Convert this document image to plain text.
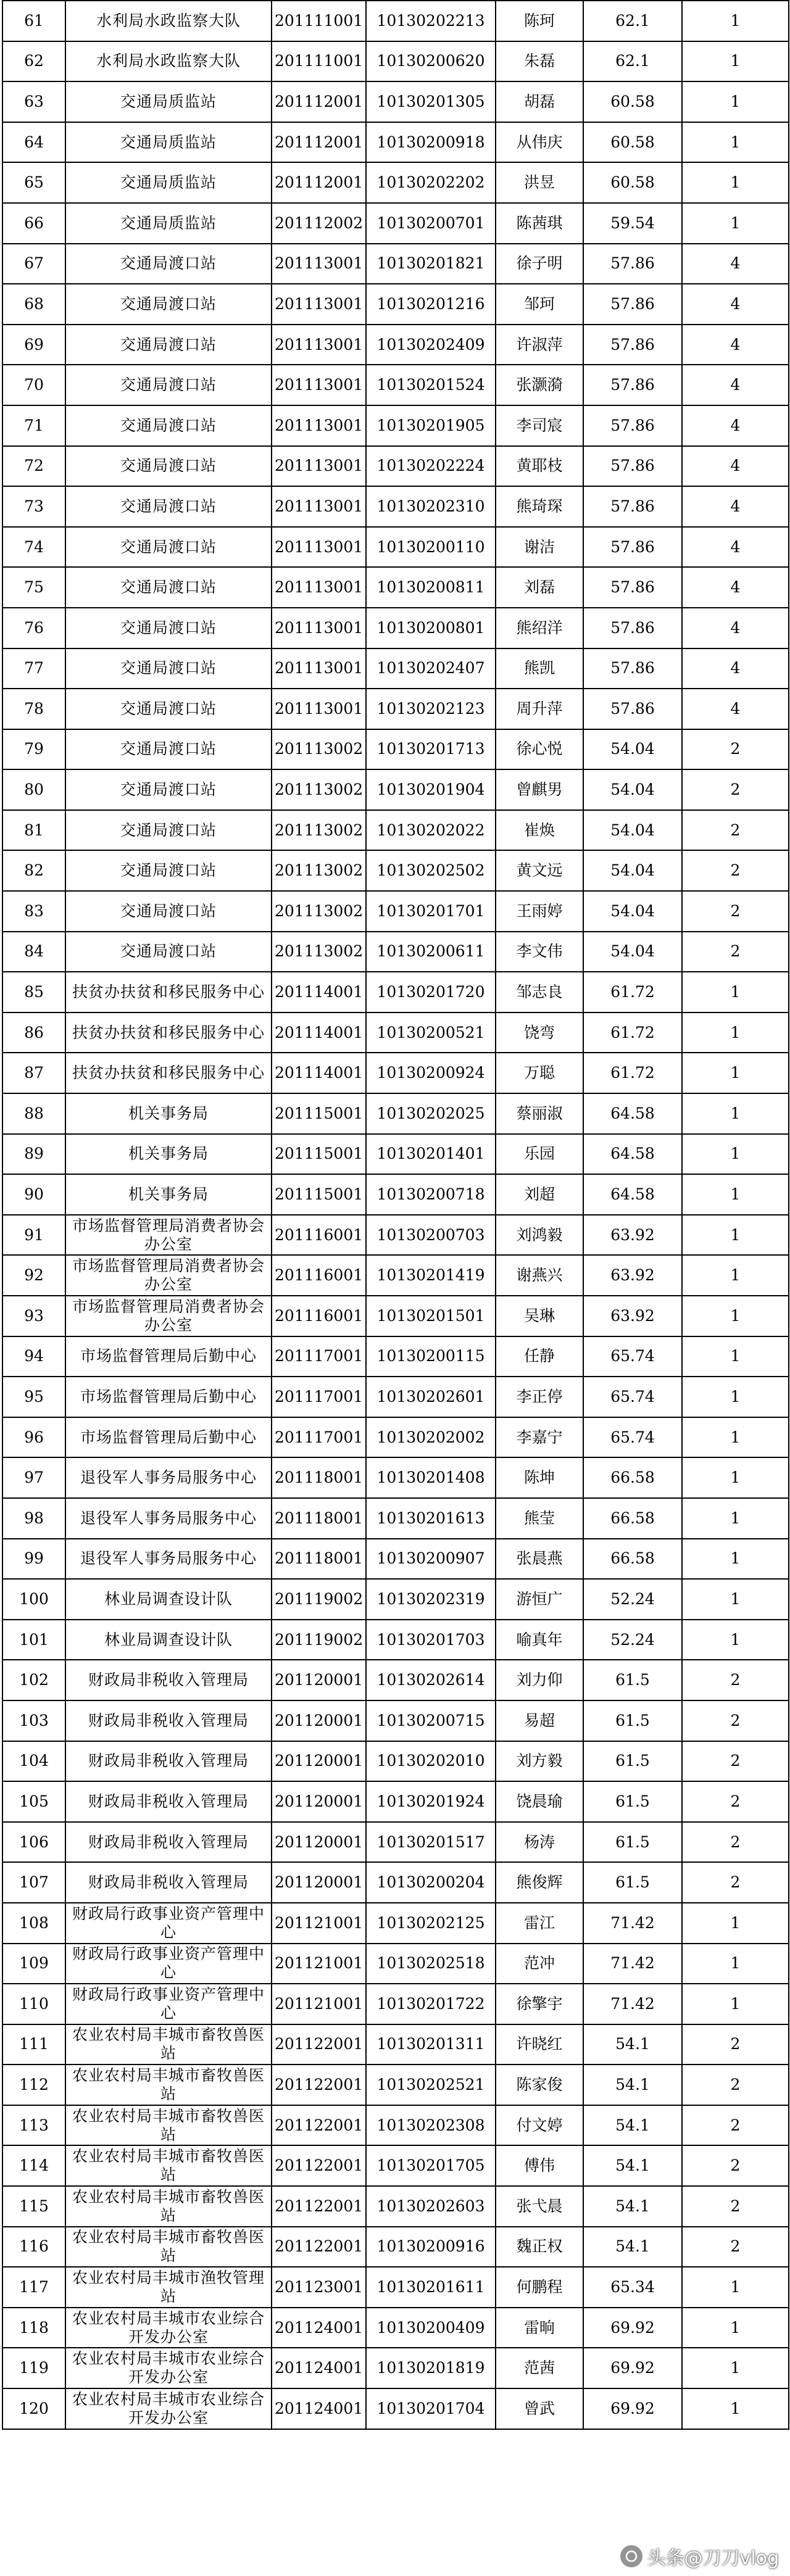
61	水利局水政监察大队	201111001	10130202213	陈珂	62.1	1
62	水利局水政监察大队	201111001	10130200620	朱磊	62.1	1
63	交通局质监站	201112001	10130201305	胡磊	60.58	1
64	交通局质监站	201112001	10130200918	从伟庆	60.58	1
65	交通局质监站	201112001	10130202202	洪昱	60.58	1
66	交通局质监站	201112002	10130200701	陈茜琪	59.54	1
67	交通局渡口站	201113001	10130201821	徐子明	57.86	4
68	交通局渡口站	201113001	10130201216	邹珂	57.86	4
69	交通局渡口站	201113001	10130202409	许淑萍	57.86	4
70	交通局渡口站	201113001	10130201524	张灏漪	57.86	4
71	交通局渡口站	201113001	10130201905	李司宸	57.86	4
72	交通局渡口站	201113001	10130202224	黄耶枝	57.86	4
73	交通局渡口站	201113001	10130202310	熊琦琛	57.86	4
74	交通局渡口站	201113001	10130200110	谢洁	57.86	4
75	交通局渡口站	201113001	10130200811	刘磊	57.86	4
76	交通局渡口站	201113001	10130200801	熊绍洋	57.86	4
77	交通局渡口站	201113001	10130202407	熊凯	57.86	4
78	交通局渡口站	201113001	10130202123	周升萍	57.86	4
79	交通局渡口站	201113002	10130201713	徐心悦	54.04	2
80	交通局渡口站	201113002	10130201904	曾麒男	54.04	2
81	交通局渡口站	201113002	10130202022	崔焕	54.04	2
82	交通局渡口站	201113002	10130202502	黄文远	54.04	2
83	交通局渡口站	201113002	10130201701	王雨婷	54.04	2
84	交通局渡口站	201113002	10130200611	李文伟	54.04	2
85	扶贫办扶贫和移民服务中心	201114001	10130201720	邹志良	61.72	1
86	扶贫办扶贫和移民服务中心	201114001	10130200521	饶弯	61.72	1
87	扶贫办扶贫和移民服务中心	201114001	10130200924	万聪	61.72	1
88	机关事务局	201115001	10130202025	蔡丽淑	64.58	1
89	机关事务局	201115001	10130201401	乐园	64.58	1
90	机关事务局	201115001	10130200718	刘超	64.58	1
91	市场监督管理局消费者协会办公室	201116001	10130200703	刘鸿毅	63.92	1
92	市场监督管理局消费者协会办公室	201116001	10130201419	谢燕兴	63.92	1
93	市场监督管理局消费者协会办公室	201116001	10130201501	吴琳	63.92	1
94	市场监督管理局后勤中心	201117001	10130200115	任静	65.74	1
95	市场监督管理局后勤中心	201117001	10130202601	李正停	65.74	1
96	市场监督管理局后勤中心	201117001	10130202002	李嘉宁	65.74	1
97	退役军人事务局服务中心	201118001	10130201408	陈坤	66.58	1
98	退役军人事务局服务中心	201118001	10130201613	熊莹	66.58	1
99	退役军人事务局服务中心	201118001	10130200907	张晨燕	66.58	1
100	林业局调查设计队	201119002	10130202319	游恒广	52.24	1
101	林业局调查设计队	201119002	10130201703	喻真年	52.24	1
102	财政局非税收入管理局	201120001	10130202614	刘力仰	61.5	2
103	财政局非税收入管理局	201120001	10130200715	易超	61.5	2
104	财政局非税收入管理局	201120001	10130202010	刘方毅	61.5	2
105	财政局非税收入管理局	201120001	10130201924	饶晨瑜	61.5	2
106	财政局非税收入管理局	201120001	10130201517	杨涛	61.5	2
107	财政局非税收入管理局	201120001	10130200204	熊俊辉	61.5	2
108	财政局行政事业资产管理中心	201121001	10130202125	雷江	71.42	1
109	财政局行政事业资产管理中心	201121001	10130202518	范冲	71.42	1
110	财政局行政事业资产管理中心	201121001	10130201722	徐擎宇	71.42	1
111	农业农村局丰城市畜牧兽医站	201122001	10130201311	许晓红	54.1	2
112	农业农村局丰城市畜牧兽医站	201122001	10130202521	陈家俊	54.1	2
113	农业农村局丰城市畜牧兽医站	201122001	10130202308	付文婷	54.1	2
114	农业农村局丰城市畜牧兽医站	201122001	10130201705	傅伟	54.1	2
115	农业农村局丰城市畜牧兽医站	201122001	10130202603	张弋晨	54.1	2
116	农业农村局丰城市畜牧兽医站	201122001	10130200916	魏正权	54.1	2
117	农业农村局丰城市渔牧管理站	201123001	10130201611	何鹏程	65.34	1
118	农业农村局丰城市农业综合开发办公室	201124001	10130200409	雷晌	69.92	1
119	农业农村局丰城市农业综合开发办公室	201124001	10130201819	范茜	69.92	1
120	农业农村局丰城市农业综合开发办公室	201124001	10130201704	曾武	69.92	1
头条@刀刀vlog
